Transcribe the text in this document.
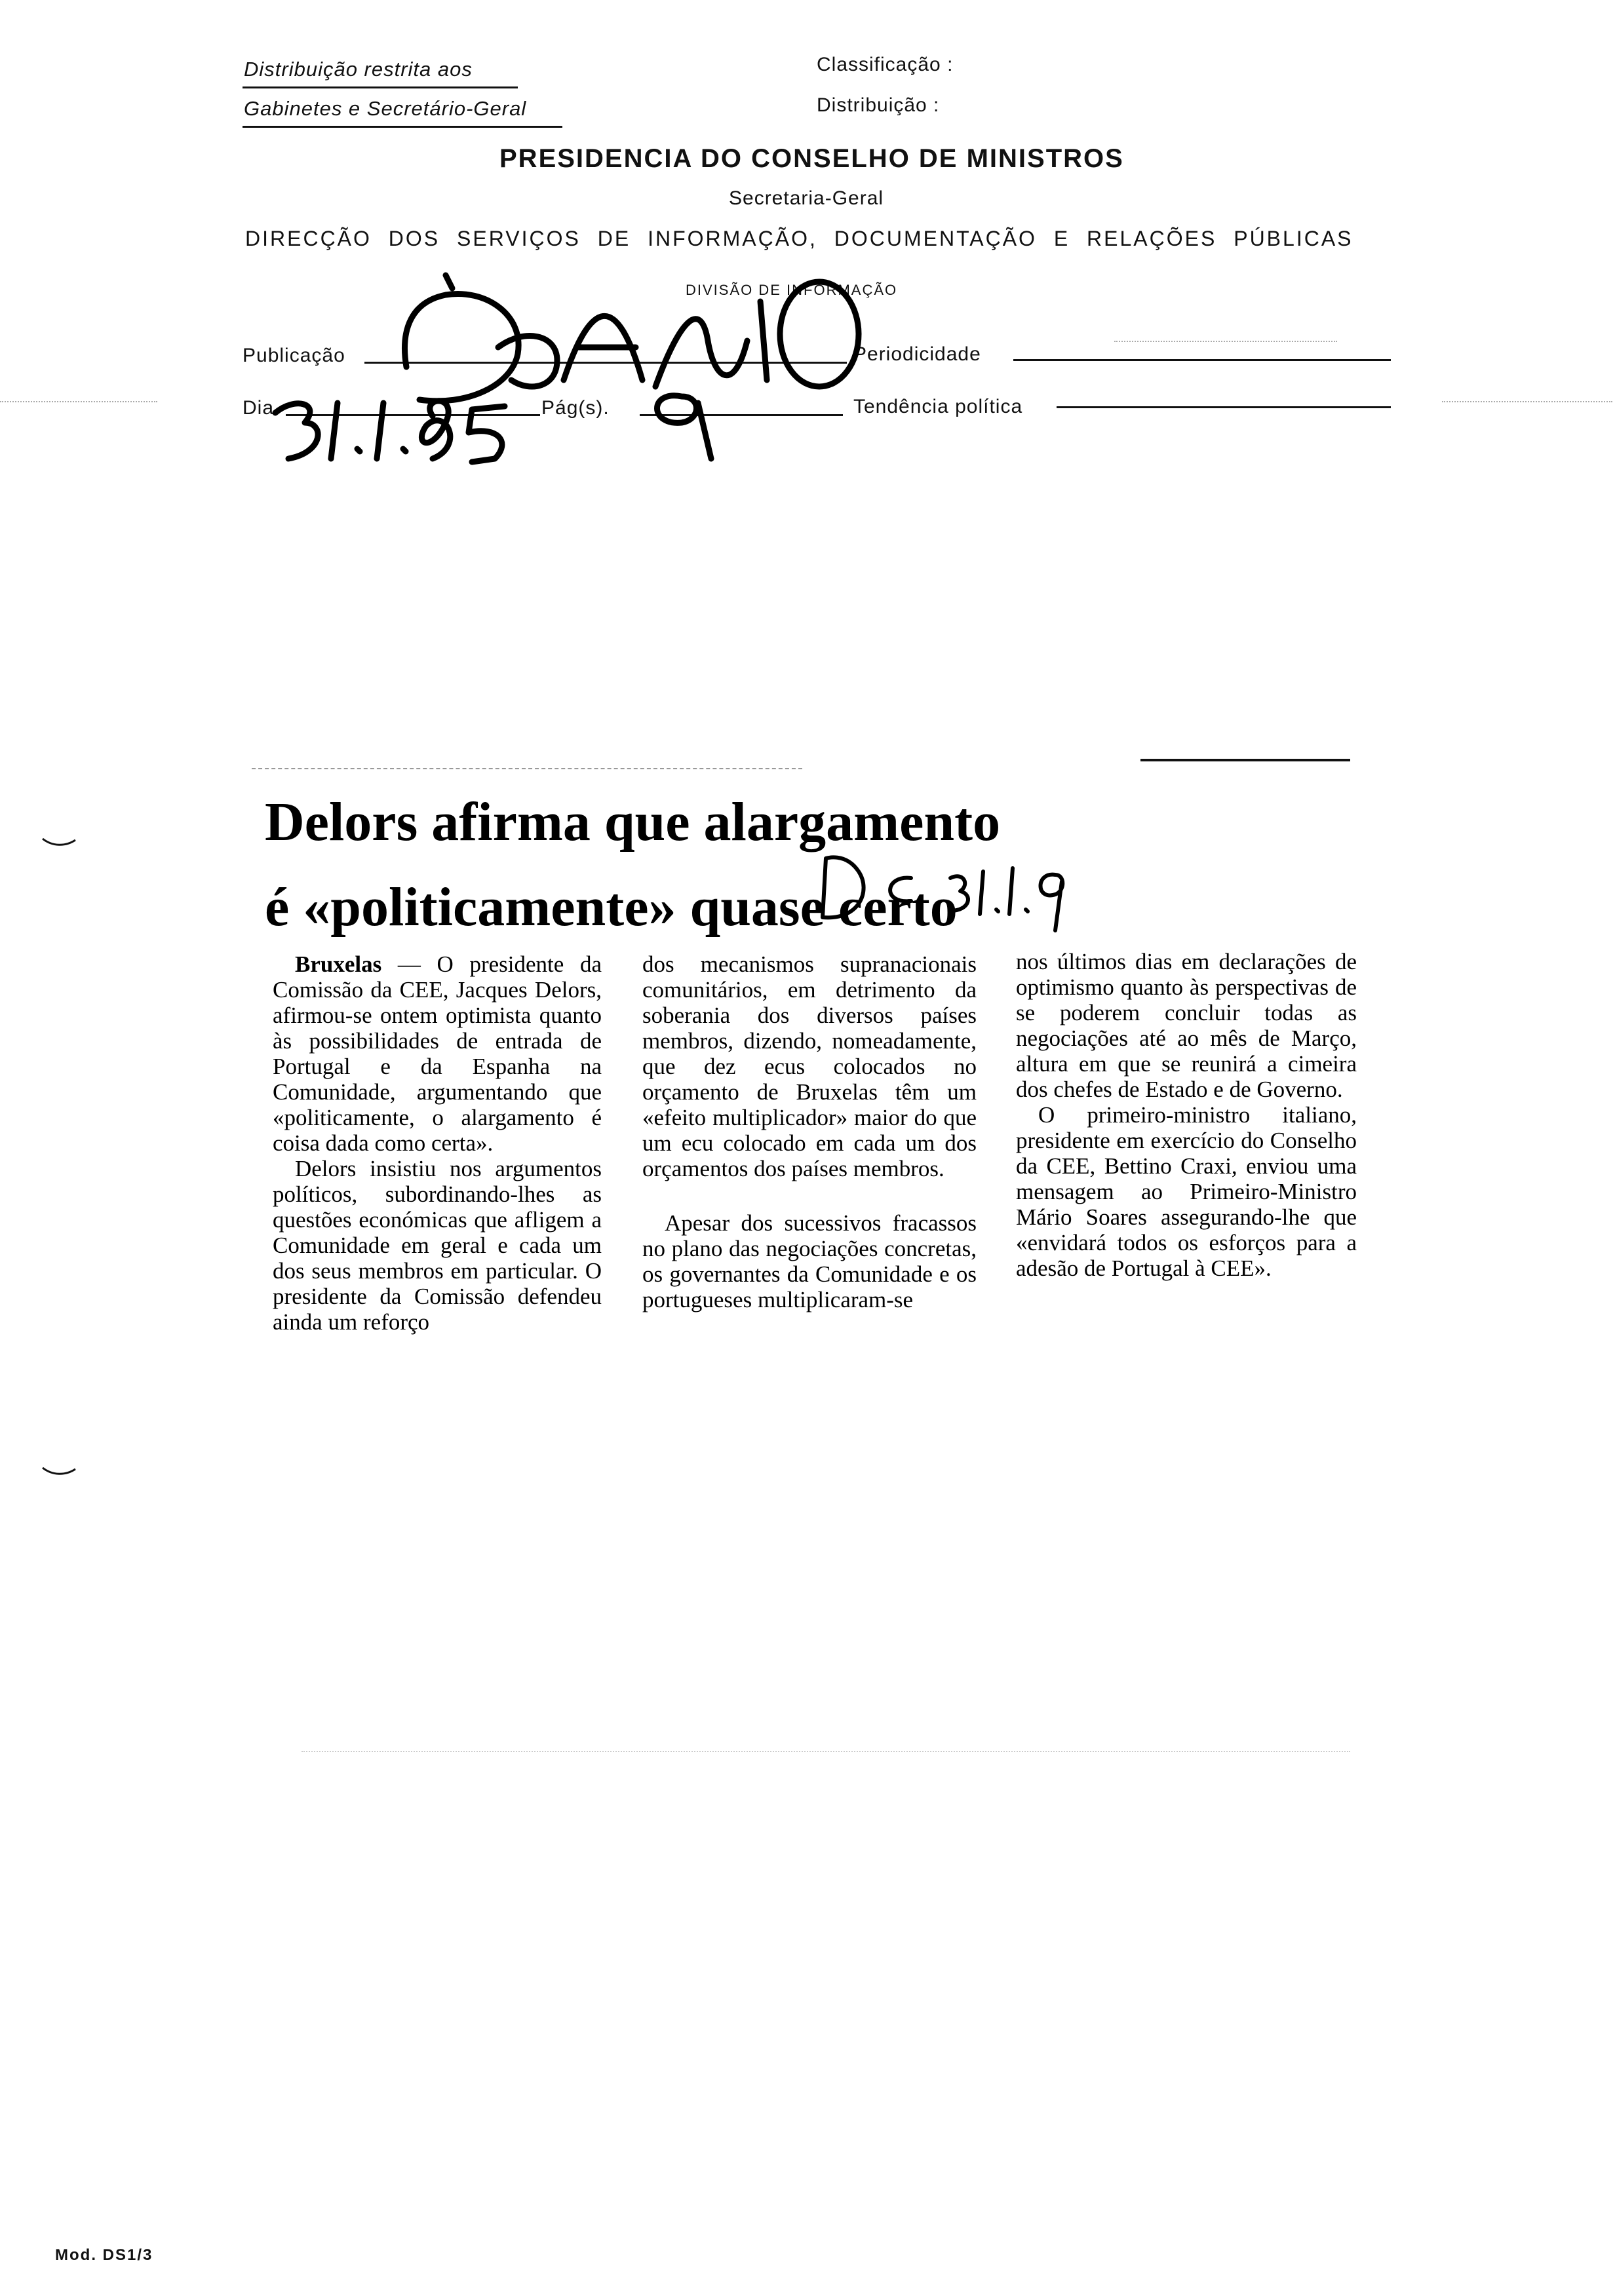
Distribuição restrita aos
Gabinetes e Secretário-Geral
Classificação :
Distribuição :
PRESIDENCIA DO CONSELHO DE MINISTROS
Secretaria-Geral
DIRECÇÃO DOS SERVIÇOS DE INFORMAÇÃO, DOCUMENTAÇÃO E RELAÇÕES PÚBLICAS
DIVISÃO DE INFORMAÇÃO
Publicação	Periodicidade
Dia	Pág(s).	Tendência política
Delors afirma que alargamento
é «politicamente» quase certo

Bruxelas — O presidente da Comissão da CEE, Jacques Delors, afirmou-se ontem optimista quanto às possibilidades de entrada de Portugal e da Espanha na Comunidade, argumentando que «politicamente, o alargamento é coisa dada como certa».

Delors insistiu nos argumentos políticos, subordinando-lhes as questões económicas que afligem a Comunidade em geral e cada um dos seus membros em particular. O presidente da Comissão defendeu ainda um reforço

dos mecanismos supranacionais comunitários, em detrimento da soberania dos diversos países membros, dizendo, nomeadamente, que dez ecus colocados no orçamento de Bruxelas têm um «efeito multiplicador» maior do que um ecu colocado em cada um dos orçamentos dos países membros.

Apesar dos sucessivos fracassos no plano das negociações concretas, os governantes da Comunidade e os portugueses multiplicaram-se

nos últimos dias em declarações de optimismo quanto às perspectivas de se poderem concluir todas as negociações até ao mês de Março, altura em que se reunirá a cimeira dos chefes de Estado e de Governo.

O primeiro-ministro italiano, presidente em exercício do Conselho da CEE, Bettino Craxi, enviou uma mensagem ao Primeiro-Ministro Mário Soares assegurando-lhe que «envidará todos os esforços para a adesão de Portugal à CEE».

Mod. DS1/3
